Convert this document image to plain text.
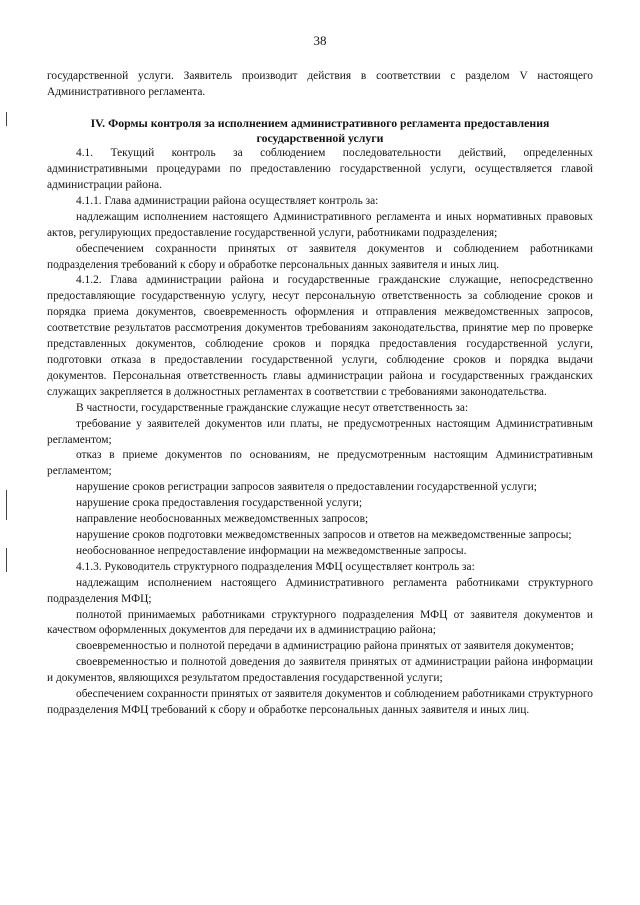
38

государственной услуги. Заявитель производит действия в соответствии с разделом V настоящего Административного регламента.

IV. Формы контроля за исполнением административного регламента предоставления государственной услуги

4.1. Текущий контроль за соблюдением последовательности действий, определенных административными процедурами по предоставлению государственной услуги, осуществляется главой администрации района.

4.1.1. Глава администрации района осуществляет контроль за:

надлежащим исполнением настоящего Административного регламента и иных нормативных правовых актов, регулирующих предоставление государственной услуги, работниками подразделения;

обеспечением сохранности принятых от заявителя документов и соблюдением работниками подразделения требований к сбору и обработке персональных данных заявителя и иных лиц.

4.1.2. Глава администрации района и государственные гражданские служащие, непосредственно предоставляющие государственную услугу, несут персональную ответственность за соблюдение сроков и порядка приема документов, своевременность оформления и отправления межведомственных запросов, соответствие результатов рассмотрения документов требованиям законодательства, принятие мер по проверке представленных документов, соблюдение сроков и порядка предоставления государственной услуги, подготовки отказа в предоставлении государственной услуги, соблюдение сроков и порядка выдачи документов. Персональная ответственность главы администрации района и государственных гражданских служащих закрепляется в должностных регламентах в соответствии с требованиями законодательства.

В частности, государственные гражданские служащие несут ответственность за:

требование у заявителей документов или платы, не предусмотренных настоящим Административным регламентом;

отказ в приеме документов по основаниям, не предусмотренным настоящим Административным регламентом;

нарушение сроков регистрации запросов заявителя о предоставлении государственной услуги;

нарушение срока предоставления государственной услуги;

направление необоснованных межведомственных запросов;

нарушение сроков подготовки межведомственных запросов и ответов на межведомственные запросы;

необоснованное непредоставление информации на межведомственные запросы.

4.1.3. Руководитель структурного подразделения МФЦ осуществляет контроль за:

надлежащим исполнением настоящего Административного регламента работниками структурного подразделения МФЦ;

полнотой принимаемых работниками структурного подразделения МФЦ от заявителя документов и качеством оформленных документов для передачи их в администрацию района;

своевременностью и полнотой передачи в администрацию района принятых от заявителя документов;

своевременностью и полнотой доведения до заявителя принятых от администрации района информации и документов, являющихся результатом предоставления государственной услуги;

обеспечением сохранности принятых от заявителя документов и соблюдением работниками структурного подразделения МФЦ требований к сбору и обработке персональных данных заявителя и иных лиц.
